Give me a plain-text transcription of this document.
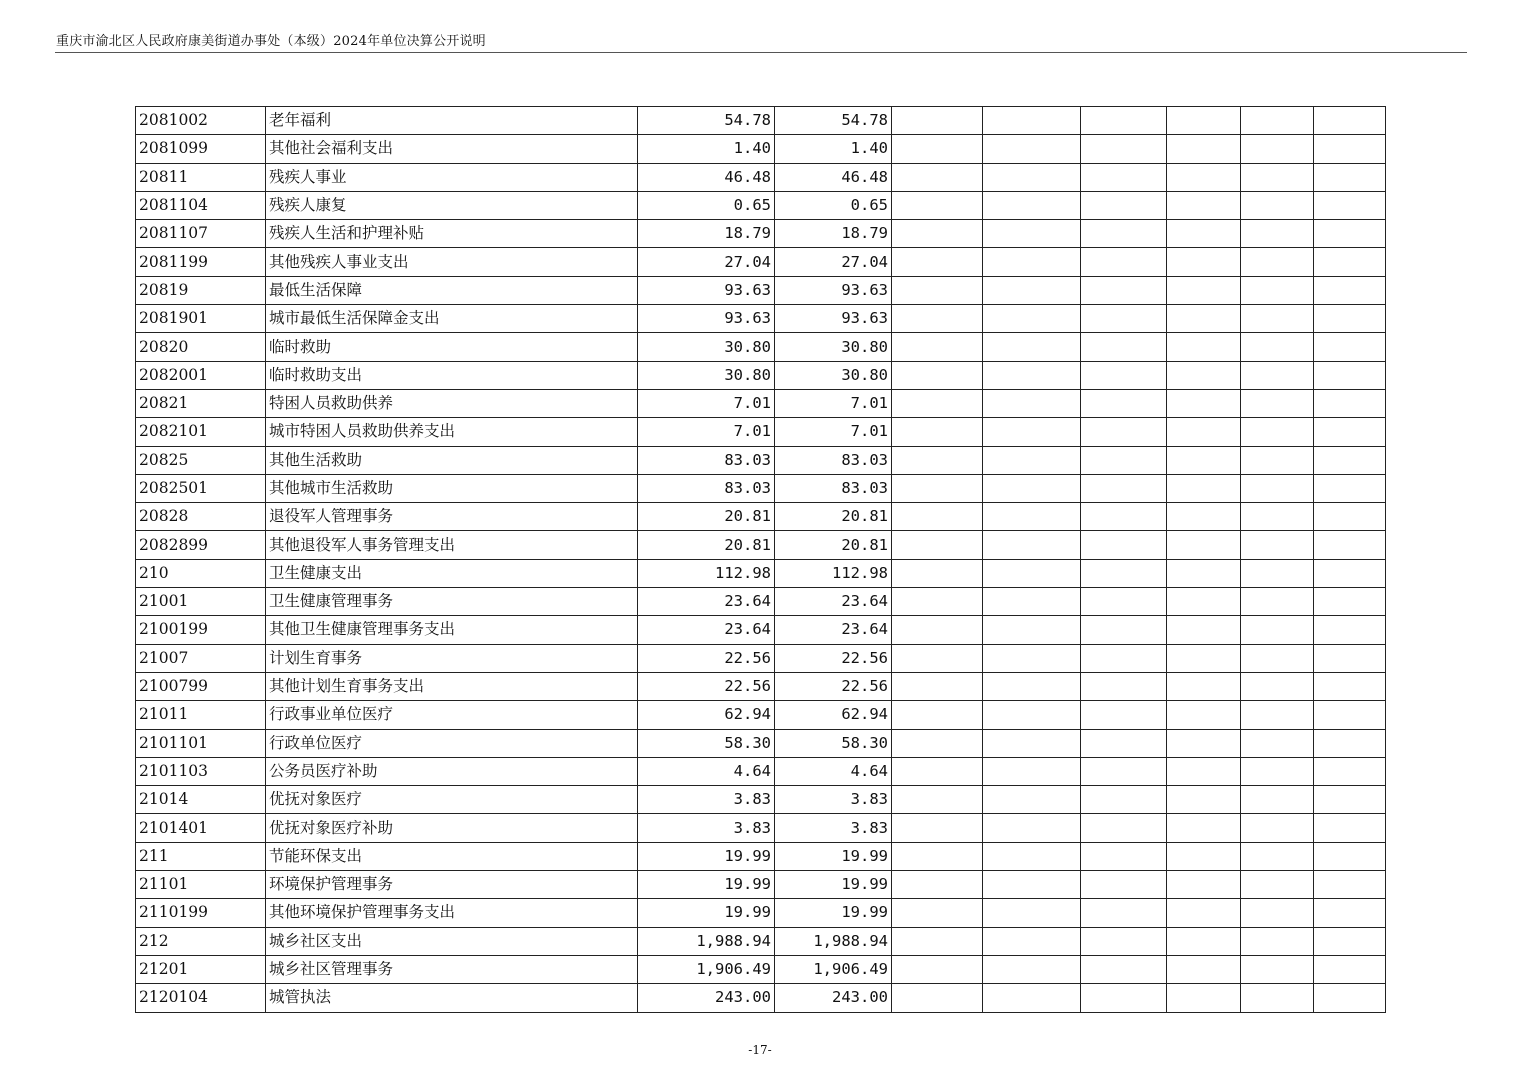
重庆市渝北区人民政府康美街道办事处（本级）2024年单位决算公开说明
2081002	老年福利	54.78	54.78						
2081099	其他社会福利支出	1.40	1.40						
20811	残疾人事业	46.48	46.48						
2081104	残疾人康复	0.65	0.65						
2081107	残疾人生活和护理补贴	18.79	18.79						
2081199	其他残疾人事业支出	27.04	27.04						
20819	最低生活保障	93.63	93.63						
2081901	城市最低生活保障金支出	93.63	93.63						
20820	临时救助	30.80	30.80						
2082001	临时救助支出	30.80	30.80						
20821	特困人员救助供养	7.01	7.01						
2082101	城市特困人员救助供养支出	7.01	7.01						
20825	其他生活救助	83.03	83.03						
2082501	其他城市生活救助	83.03	83.03						
20828	退役军人管理事务	20.81	20.81						
2082899	其他退役军人事务管理支出	20.81	20.81						
210	卫生健康支出	112.98	112.98						
21001	卫生健康管理事务	23.64	23.64						
2100199	其他卫生健康管理事务支出	23.64	23.64						
21007	计划生育事务	22.56	22.56						
2100799	其他计划生育事务支出	22.56	22.56						
21011	行政事业单位医疗	62.94	62.94						
2101101	行政单位医疗	58.30	58.30						
2101103	公务员医疗补助	4.64	4.64						
21014	优抚对象医疗	3.83	3.83						
2101401	优抚对象医疗补助	3.83	3.83						
211	节能环保支出	19.99	19.99						
21101	环境保护管理事务	19.99	19.99						
2110199	其他环境保护管理事务支出	19.99	19.99						
212	城乡社区支出	1,988.94	1,988.94						
21201	城乡社区管理事务	1,906.49	1,906.49						
2120104	城管执法	243.00	243.00						
-17-
